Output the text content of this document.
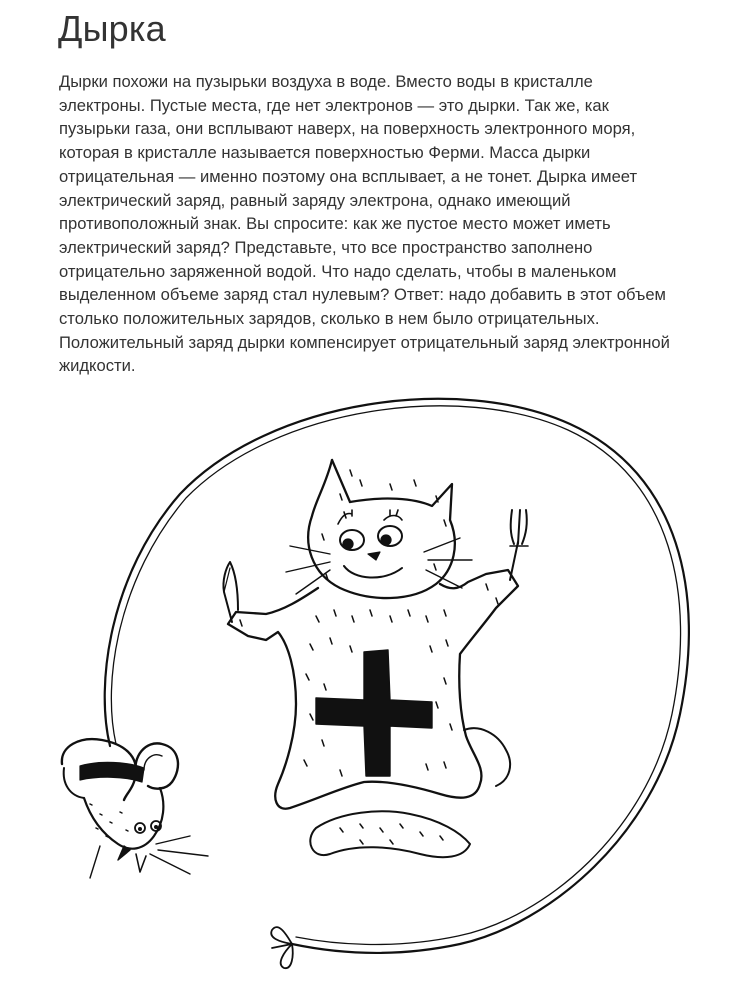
Дырка

Дырки похожи на пузырьки воздуха в воде. Вместо воды в кристалле электроны. Пустые места, где нет электронов — это дырки. Так же, как пузырьки газа, они всплывают наверх, на поверхность электронного моря, которая в кристалле называется поверхностью Ферми. Масса дырки отрицательная — именно поэтому она всплывает, а не тонет. Дырка имеет электрический заряд, равный заряду электрона, однако имеющий противоположный знак. Вы спросите: как же пустое место может иметь электрический заряд? Представьте, что все пространство заполнено отрицательно заряженной водой. Что надо сделать, чтобы в маленьком выделенном объеме заряд стал нулевым? Ответ: надо добавить в этот объем столько положительных зарядов, сколько в нем было отрицательных. Положительный заряд дырки компенсирует отрицательный заряд электронной жидкости.
